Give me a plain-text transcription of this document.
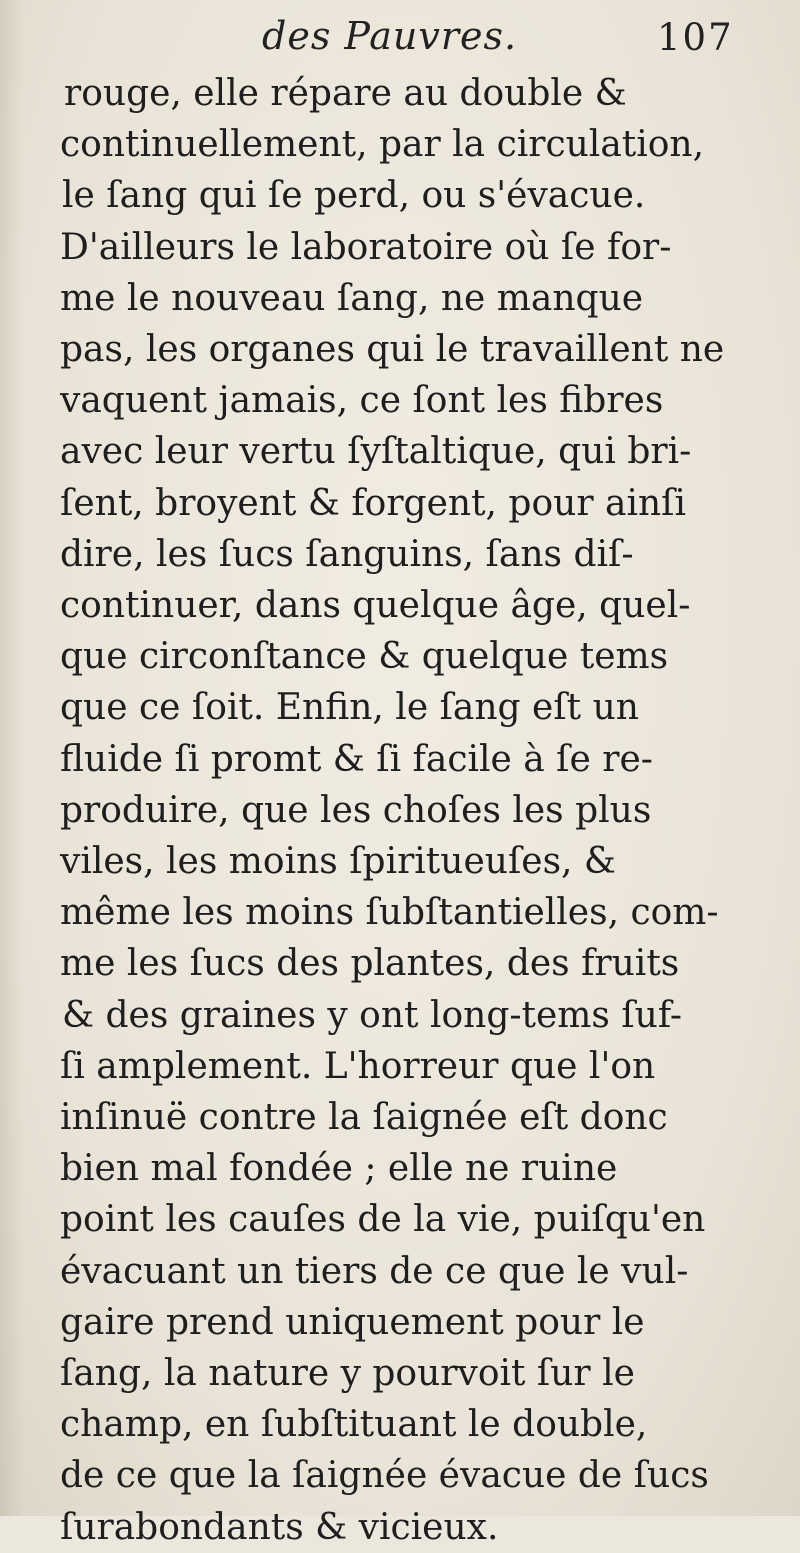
des Pauvres.	107
rouge, elle répare au double &
continuellement, par la circulation,
le ſang qui ſe perd, ou s'évacue.
D'ailleurs le laboratoire où ſe for-
me le nouveau ſang, ne manque
pas, les organes qui le travaillent ne
vaquent jamais, ce ſont les fibres
avec leur vertu ſyſtaltique, qui bri-
ſent, broyent & forgent, pour ainſi
dire, les ſucs ſanguins, ſans diſ-
continuer, dans quelque âge, quel-
que circonſtance & quelque tems
que ce ſoit. Enfin, le ſang eſt un
fluide ſi promt & ſi facile à ſe re-
produire, que les choſes les plus
viles, les moins ſpiritueuſes, &
même les moins ſubſtantielles, com-
me les ſucs des plantes, des fruits
& des graines y ont long-tems ſuf-
ſi amplement. L'horreur que l'on
inſinuë contre la ſaignée eſt donc
bien mal fondée ; elle ne ruine
point les cauſes de la vie, puiſqu'en
évacuant un tiers de ce que le vul-
gaire prend uniquement pour le
ſang, la nature y pourvoit ſur le
champ, en ſubſtituant le double,
de ce que la ſaignée évacue de ſucs
ſurabondants & vicieux.
